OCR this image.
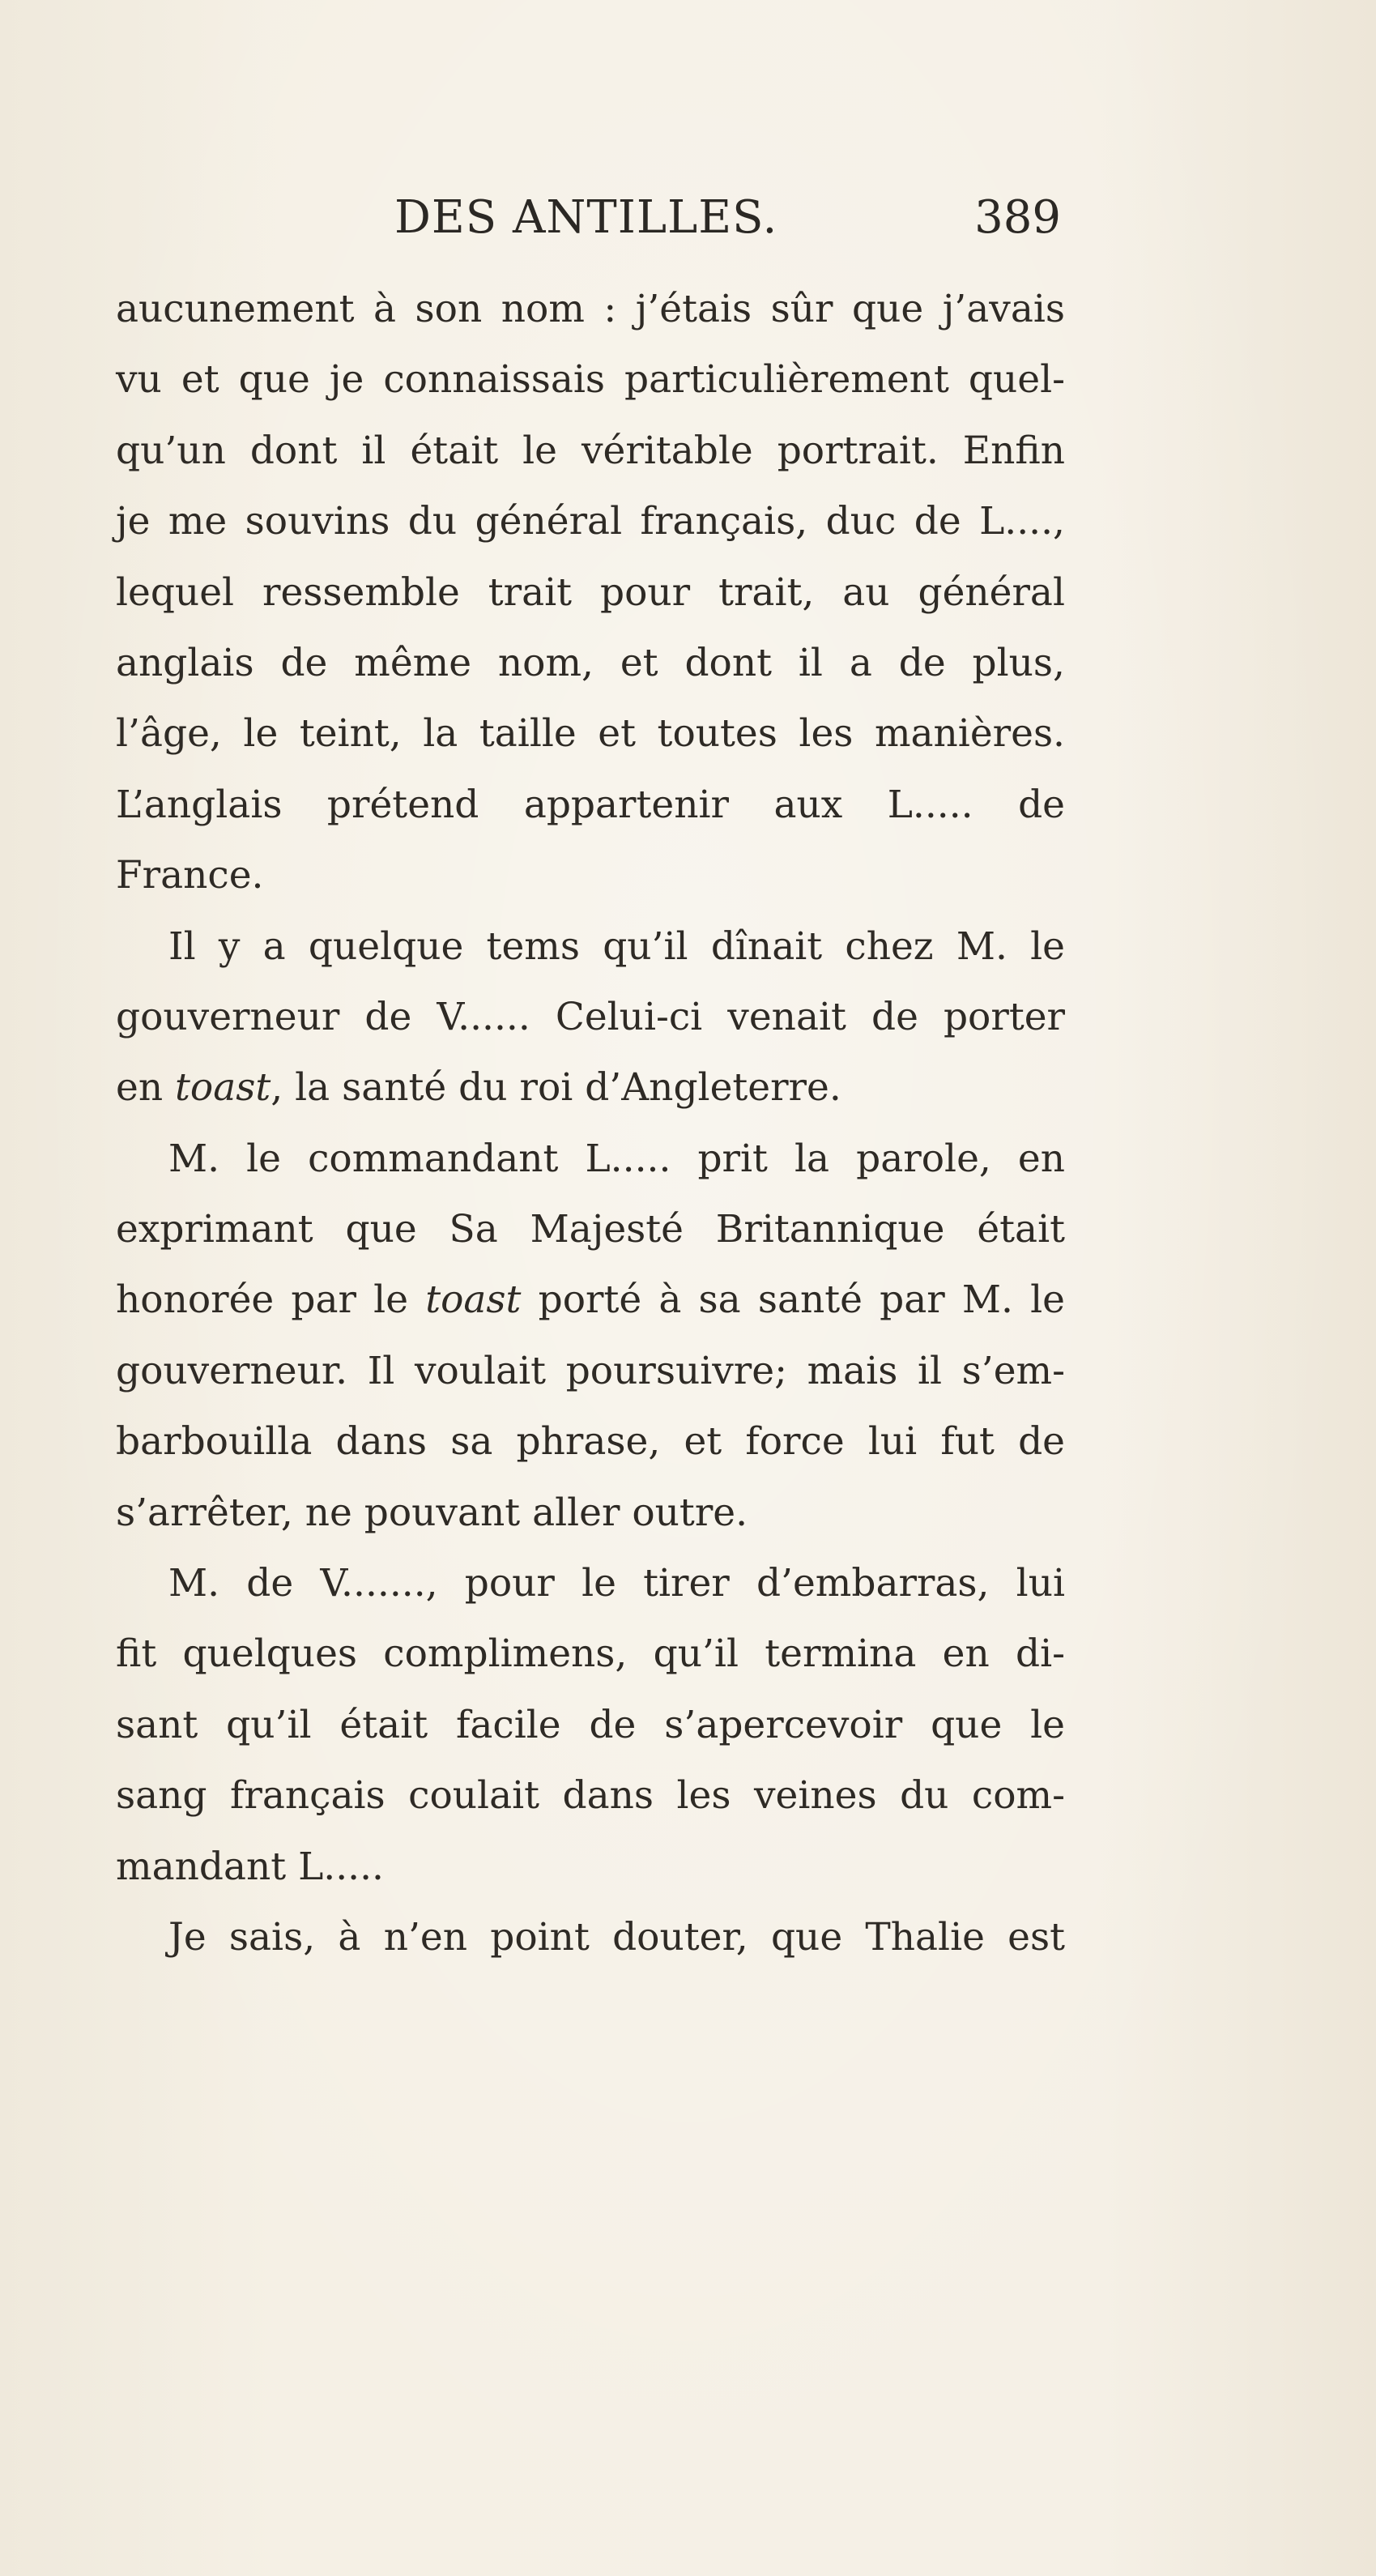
DES ANTILLES.	389
aucunement à son nom : j’étais sûr que j’avais
vu et que je connaissais particulièrement quel-
qu’un dont il était le véritable portrait. Enfin
je me souvins du général français, duc de L....,
lequel ressemble trait pour trait, au général
anglais de même nom, et dont il a de plus,
l’âge, le teint, la taille et toutes les manières.
L’anglais prétend appartenir aux L..... de
France.
Il y a quelque tems qu’il dînait chez M. le
gouverneur de V...... Celui-ci venait de porter
en toast, la santé du roi d’Angleterre.
M. le commandant L..... prit la parole, en
exprimant que Sa Majesté Britannique était
honorée par le toast porté à sa santé par M. le
gouverneur. Il voulait poursuivre; mais il s’em-
barbouilla dans sa phrase, et force lui fut de
s’arrêter, ne pouvant aller outre.
M. de V......., pour le tirer d’embarras, lui
fit quelques complimens, qu’il termina en di-
sant qu’il était facile de s’apercevoir que le
sang français coulait dans les veines du com-
mandant L.....
Je sais, à n’en point douter, que Thalie est
